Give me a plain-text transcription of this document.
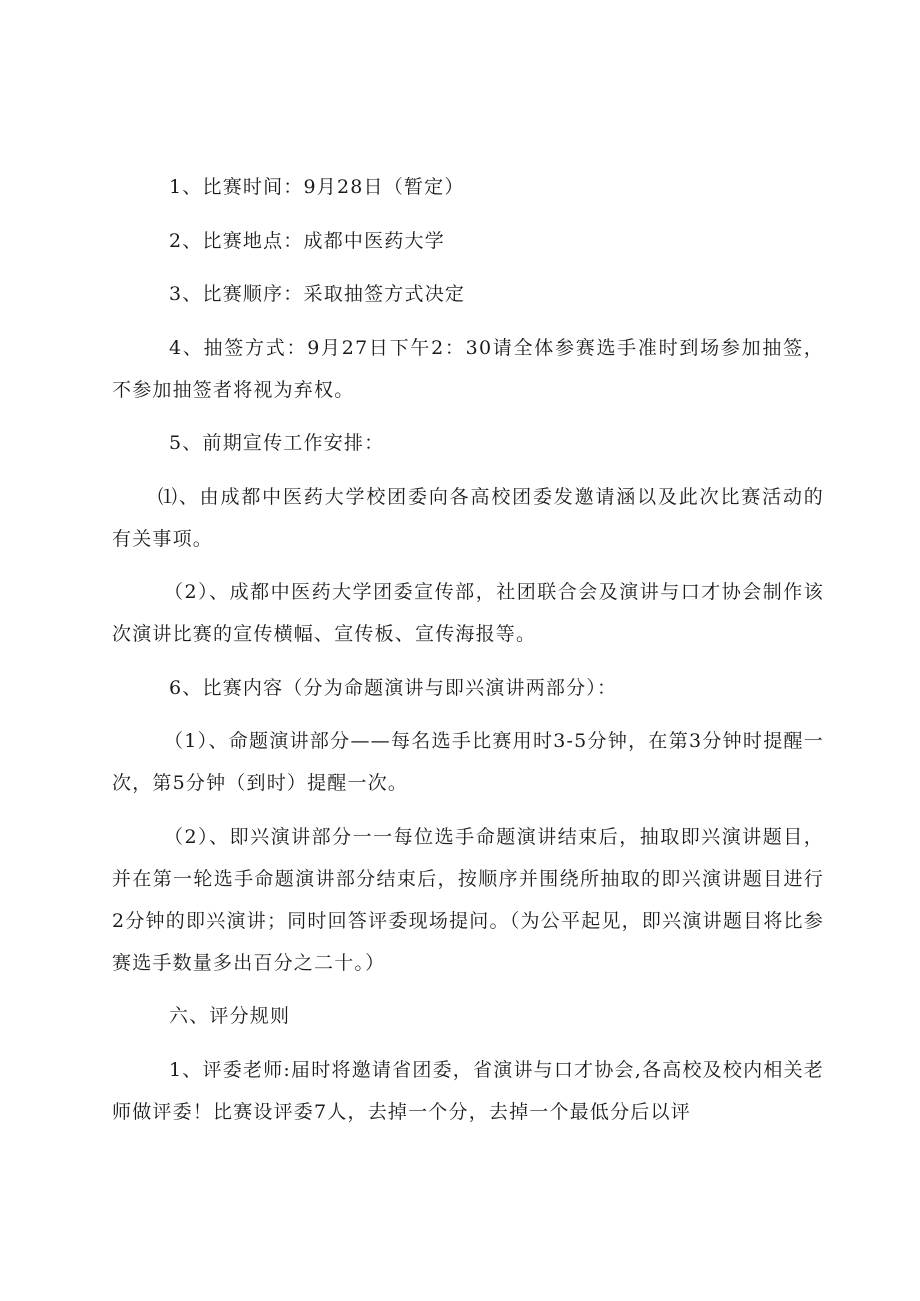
1、比赛时间：9月28日（暂定）

2、比赛地点：成都中医药大学

3、比赛顺序：采取抽签方式决定

4、抽签方式：9月27日下午2：30请全体参赛选手准时到场参加抽签，不参加抽签者将视为弃权。

5、前期宣传工作安排：

⑴、由成都中医药大学校团委向各高校团委发邀请涵以及此次比赛活动的有关事项。

（2）、成都中医药大学团委宣传部，社团联合会及演讲与口才协会制作该次演讲比赛的宣传横幅、宣传板、宣传海报等。

6、比赛内容（分为命题演讲与即兴演讲两部分）：

（1）、命题演讲部分——每名选手比赛用时3-5分钟，在第3分钟时提醒一次，第5分钟（到时）提醒一次。

（2）、即兴演讲部分一一每位选手命题演讲结束后，抽取即兴演讲题目，并在第一轮选手命题演讲部分结束后，按顺序并围绕所抽取的即兴演讲题目进行2分钟的即兴演讲；同时回答评委现场提问。（为公平起见，即兴演讲题目将比参赛选手数量多出百分之二十。）

六、评分规则

1、评委老师:届时将邀请省团委，省演讲与口才协会,各高校及校内相关老师做评委！比赛设评委7人，去掉一个分，去掉一个最低分后以评
